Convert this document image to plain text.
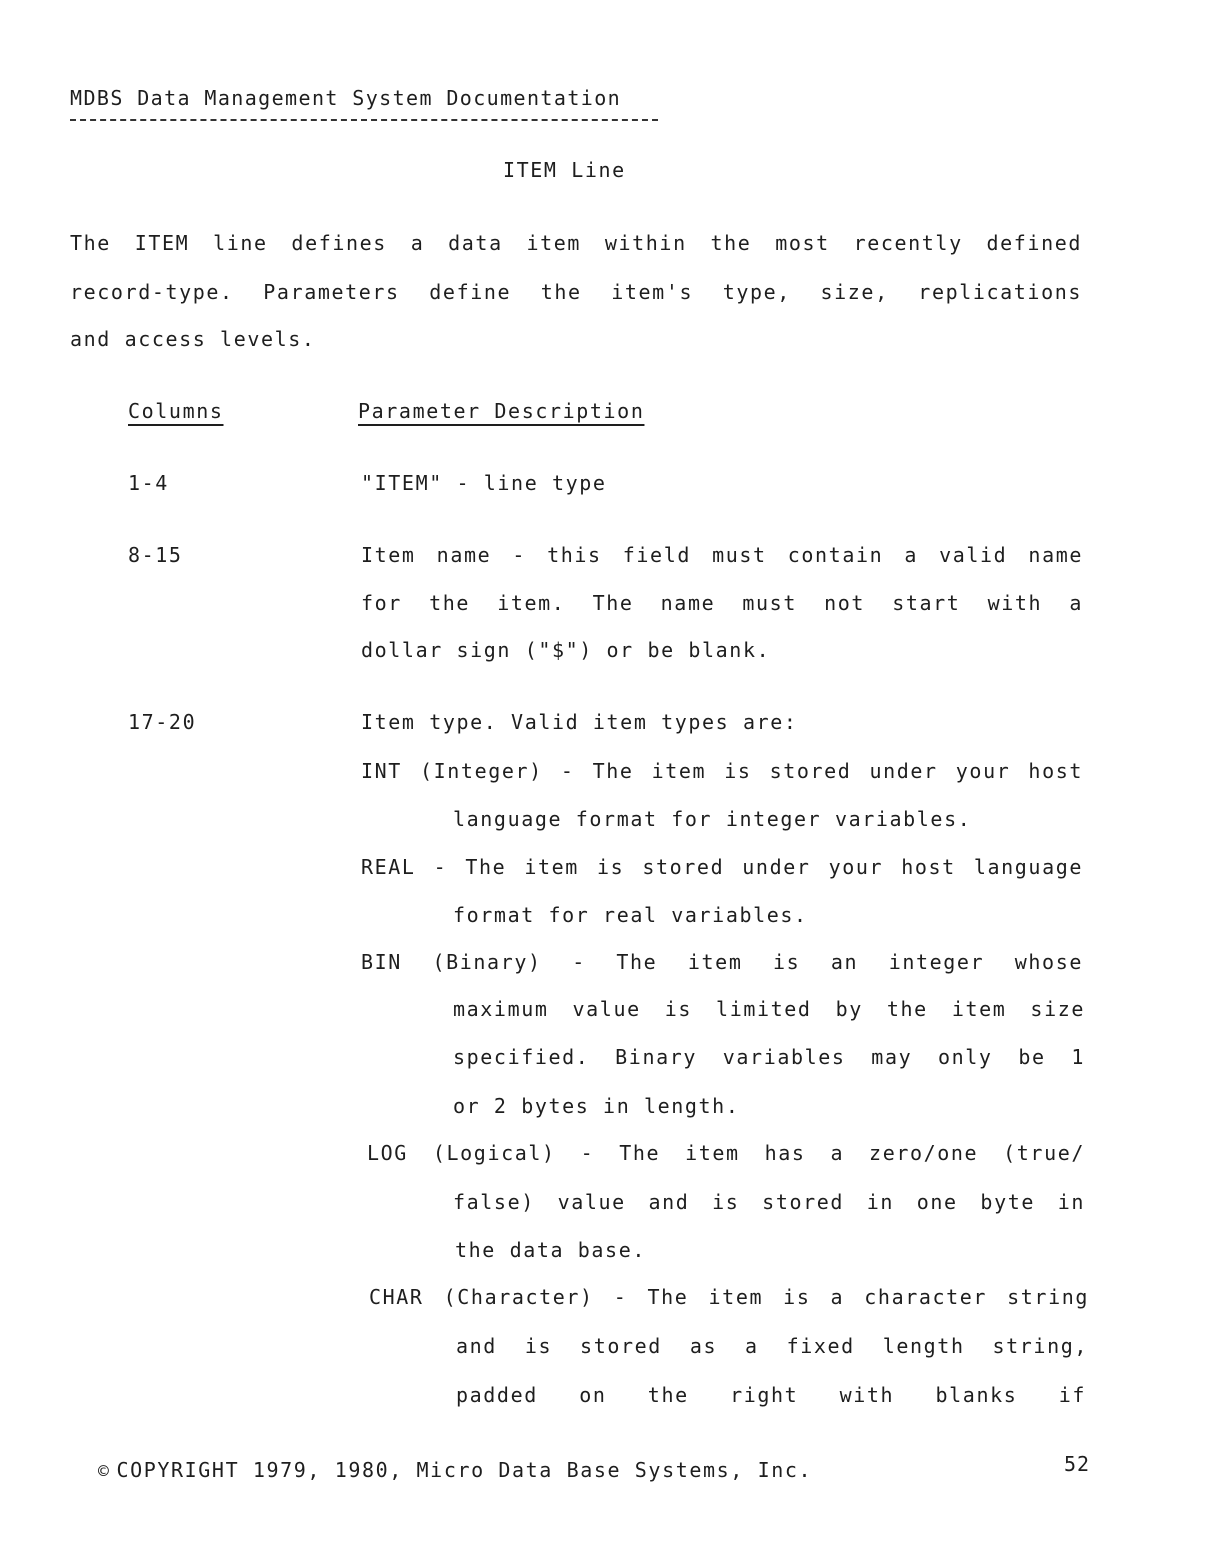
MDBS Data Management System Documentation
ITEM Line
The ITEM line defines a data item within the most recently defined
record-type. Parameters define the item's type, size, replications
and access levels.
Columns	Parameter Description
1-4	"ITEM" - line type
8-15	Item name - this field must contain a valid name
for the item. The name must not start with a
dollar sign ("$") or be blank.
17-20	Item type. Valid item types are:
INT (Integer) - The item is stored under your host
language format for integer variables.
REAL - The item is stored under your host language
format for real variables.
BIN (Binary) - The item is an integer whose
maximum value is limited by the item size
specified. Binary variables may only be 1
or 2 bytes in length.
LOG (Logical) - The item has a zero/one (true/
false) value and is stored in one byte in
the data base.
CHAR (Character) - The item is a character string
and is stored as a fixed length string,
padded on the right with blanks if
© COPYRIGHT 1979, 1980, Micro Data Base Systems, Inc.	52
